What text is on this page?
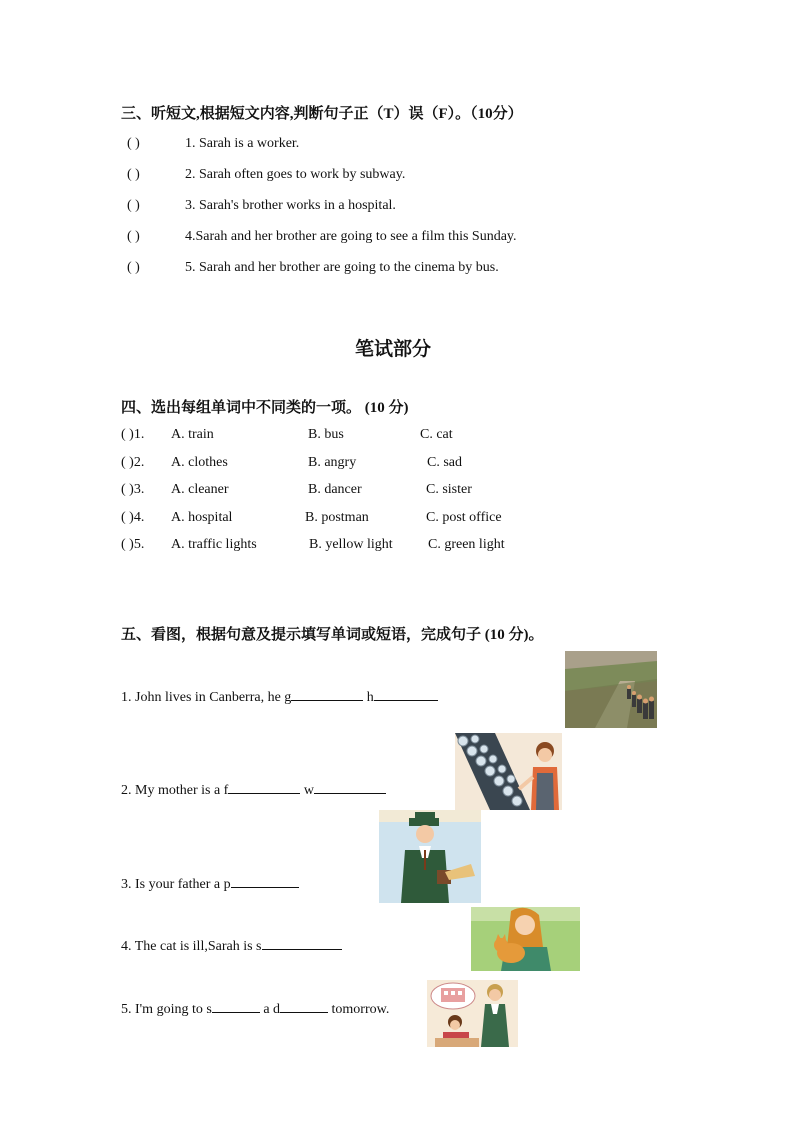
三、听短文,根据短文内容,判断句子正（T）误（F）。（10分）
( )	1. Sarah is a worker.
( )	2. Sarah often goes to work by subway.
( )	3. Sarah's brother works in a hospital.
( )	4.Sarah and her brother are going to see a film this Sunday.
( )	5. Sarah and her brother are going to the cinema by bus.
笔试部分
四、选出每组单词中不同类的一项。 (10 分)
( )1. A. train	B. bus	C. cat
( )2. A. clothes	B. angry	C. sad
( )3. A. cleaner	B. dancer	C. sister
( )4. A. hospital	B. postman	C. post office
( )5. A. traffic lights	B. yellow light	C. green light
五、看图，根据句意及提示填写单词或短语，完成句子 (10 分)。
1. John lives in Canberra, he g	h
2. My mother is a f	w
3. Is your father a p
4. The cat is ill,Sarah is s
5. I'm going to s	a d	tomorrow.
